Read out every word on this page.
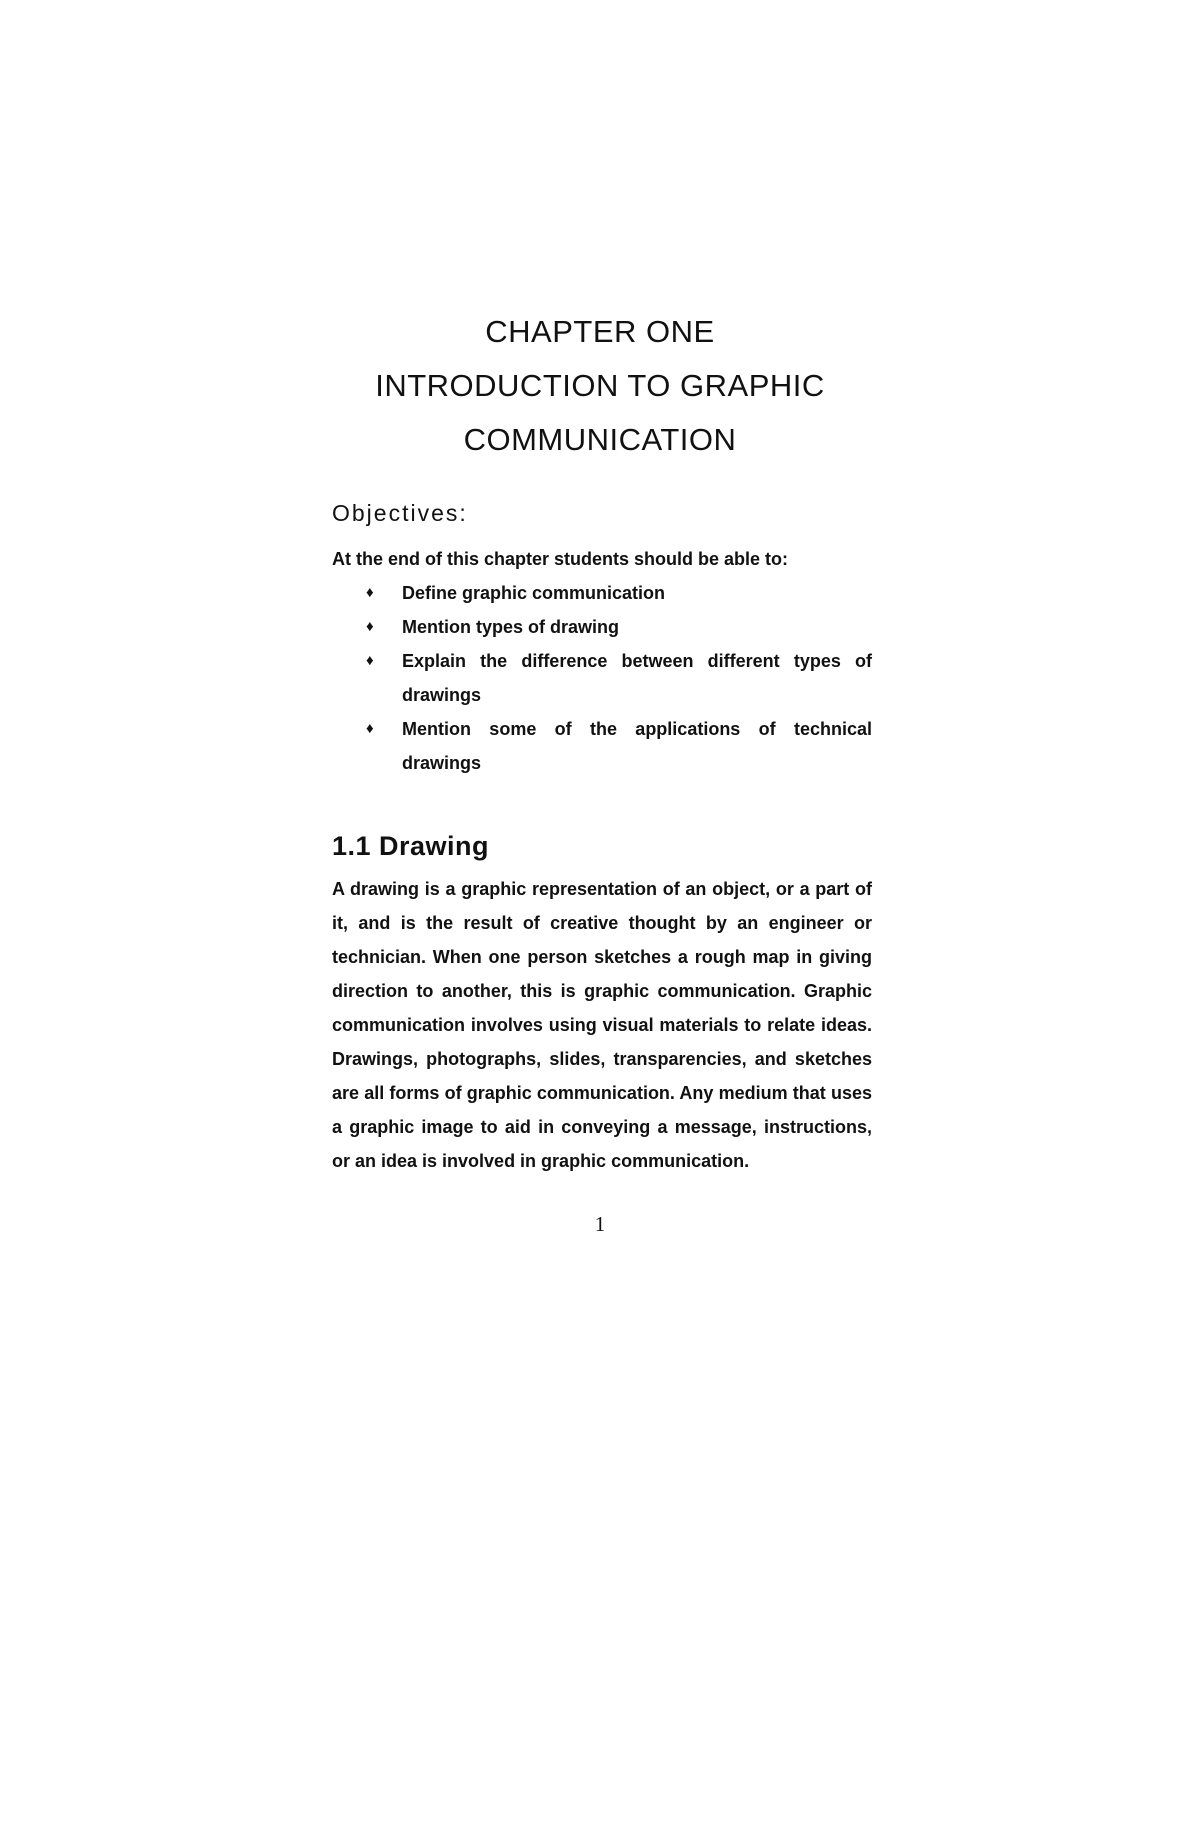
CHAPTER ONE

INTRODUCTION TO GRAPHIC

COMMUNICATION

Objectives:

At the end of this chapter students should be able to:

♦ Define graphic communication
♦ Mention types of drawing
♦ Explain the difference between different types of drawings
♦ Mention some of the applications of technical drawings
1.1 Drawing

A drawing is a graphic representation of an object, or a part of it, and is the result of creative thought by an engineer or technician. When one person sketches a rough map in giving direction to another, this is graphic communication. Graphic communication involves using visual materials to relate ideas. Drawings, photographs, slides, transparencies, and sketches are all forms of graphic communication. Any medium that uses a graphic image to aid in conveying a message, instructions, or an idea is involved in graphic communication.

1
